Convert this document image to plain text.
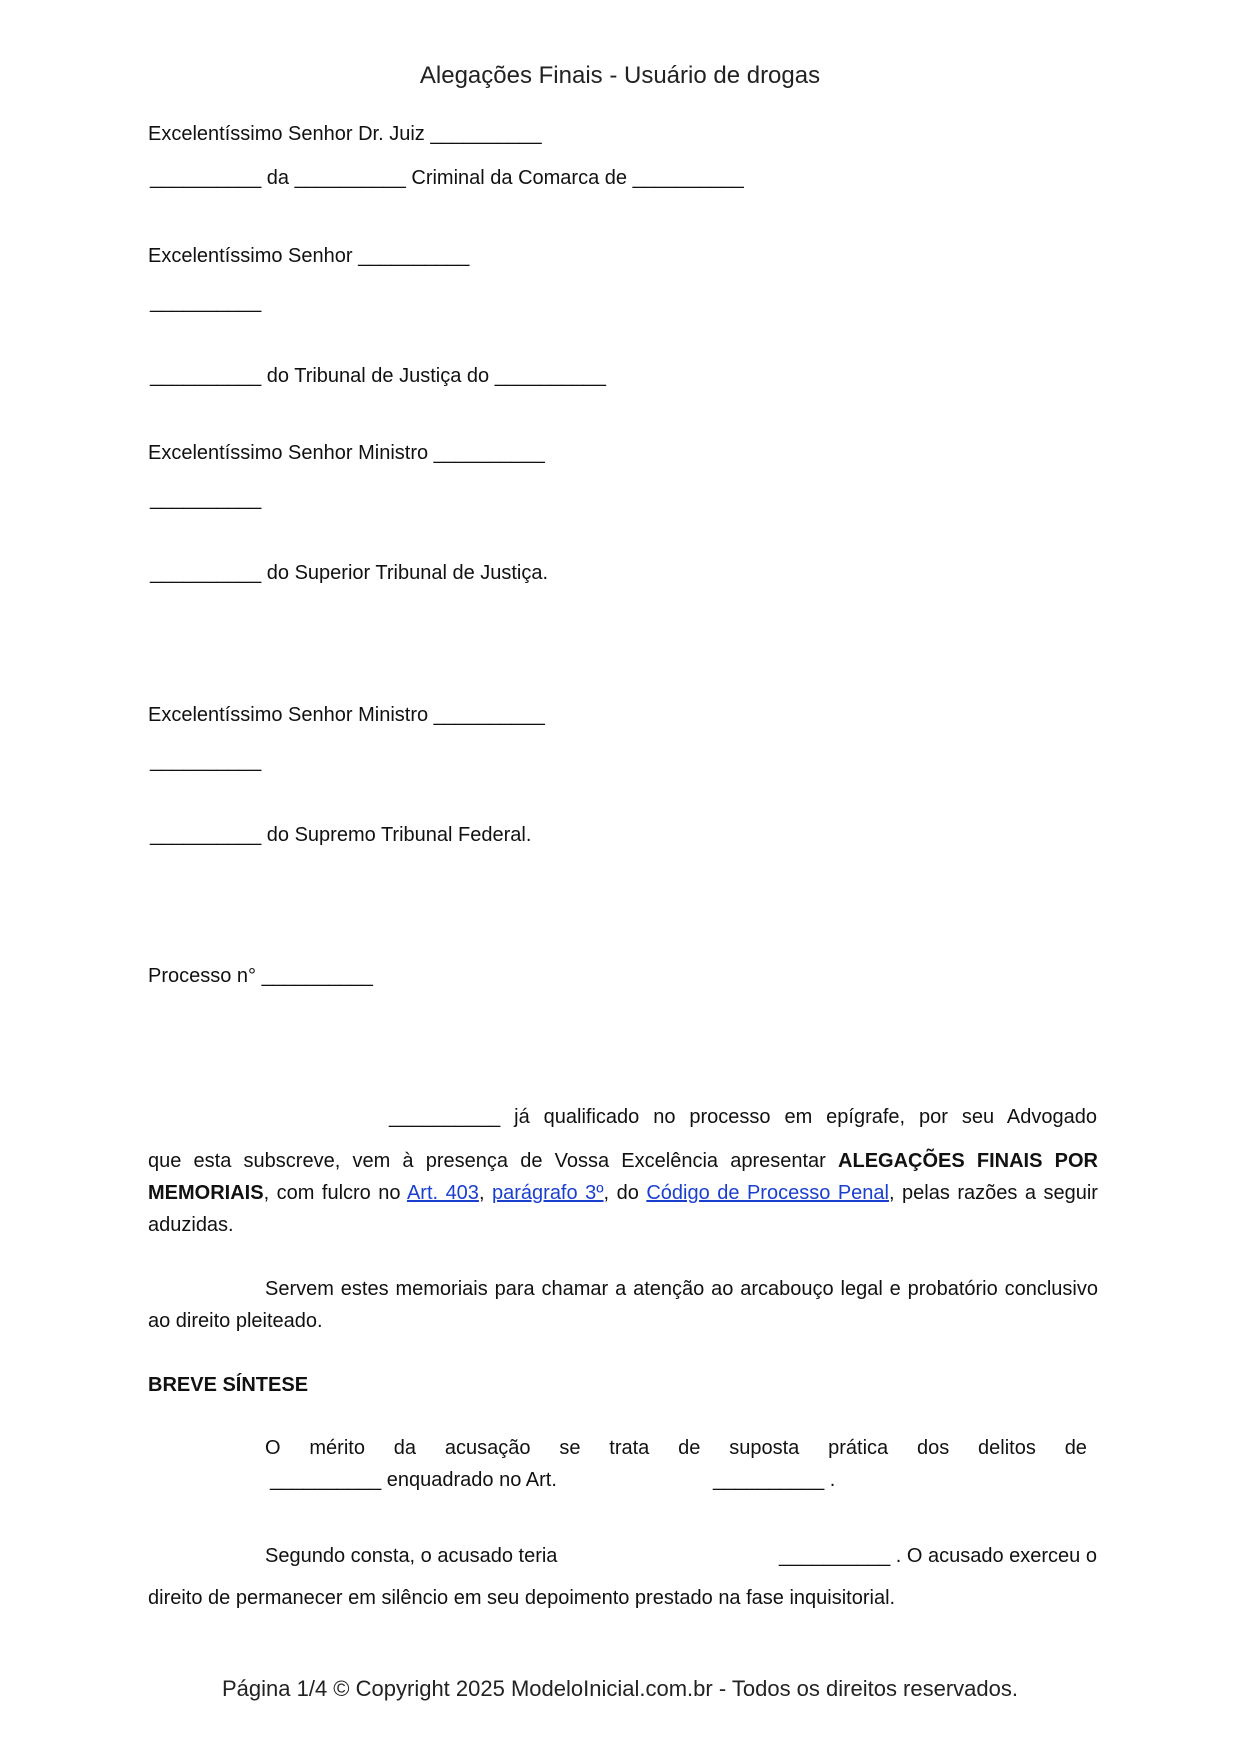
Alegações Finais - Usuário de drogas
Excelentíssimo Senhor Dr. Juiz __________
__________ da __________ Criminal da Comarca de __________
Excelentíssimo Senhor __________
__________
__________ do Tribunal de Justiça do __________
Excelentíssimo Senhor Ministro __________
__________
__________ do Superior Tribunal de Justiça.
Excelentíssimo Senhor Ministro __________
__________
__________ do Supremo Tribunal Federal.
Processo n° __________
__________ já qualificado no processo em epígrafe, por seu Advogado
que esta subscreve, vem à presença de Vossa Excelência apresentar ALEGAÇÕES FINAIS POR MEMORIAIS, com fulcro no Art. 403, parágrafo 3º, do Código de Processo Penal, pelas razões a seguir aduzidas.
Servem estes memoriais para chamar a atenção ao arcabouço legal e probatório conclusivo ao direito pleiteado.
BREVE SÍNTESE
O mérito da acusação se trata de suposta prática dos delitos de
__________ enquadrado no Art.	__________ .
Segundo consta, o acusado teria	__________ . O acusado exerceu o
direito de permanecer em silêncio em seu depoimento prestado na fase inquisitorial.
Página 1/4 © Copyright 2025 ModeloInicial.com.br - Todos os direitos reservados.
